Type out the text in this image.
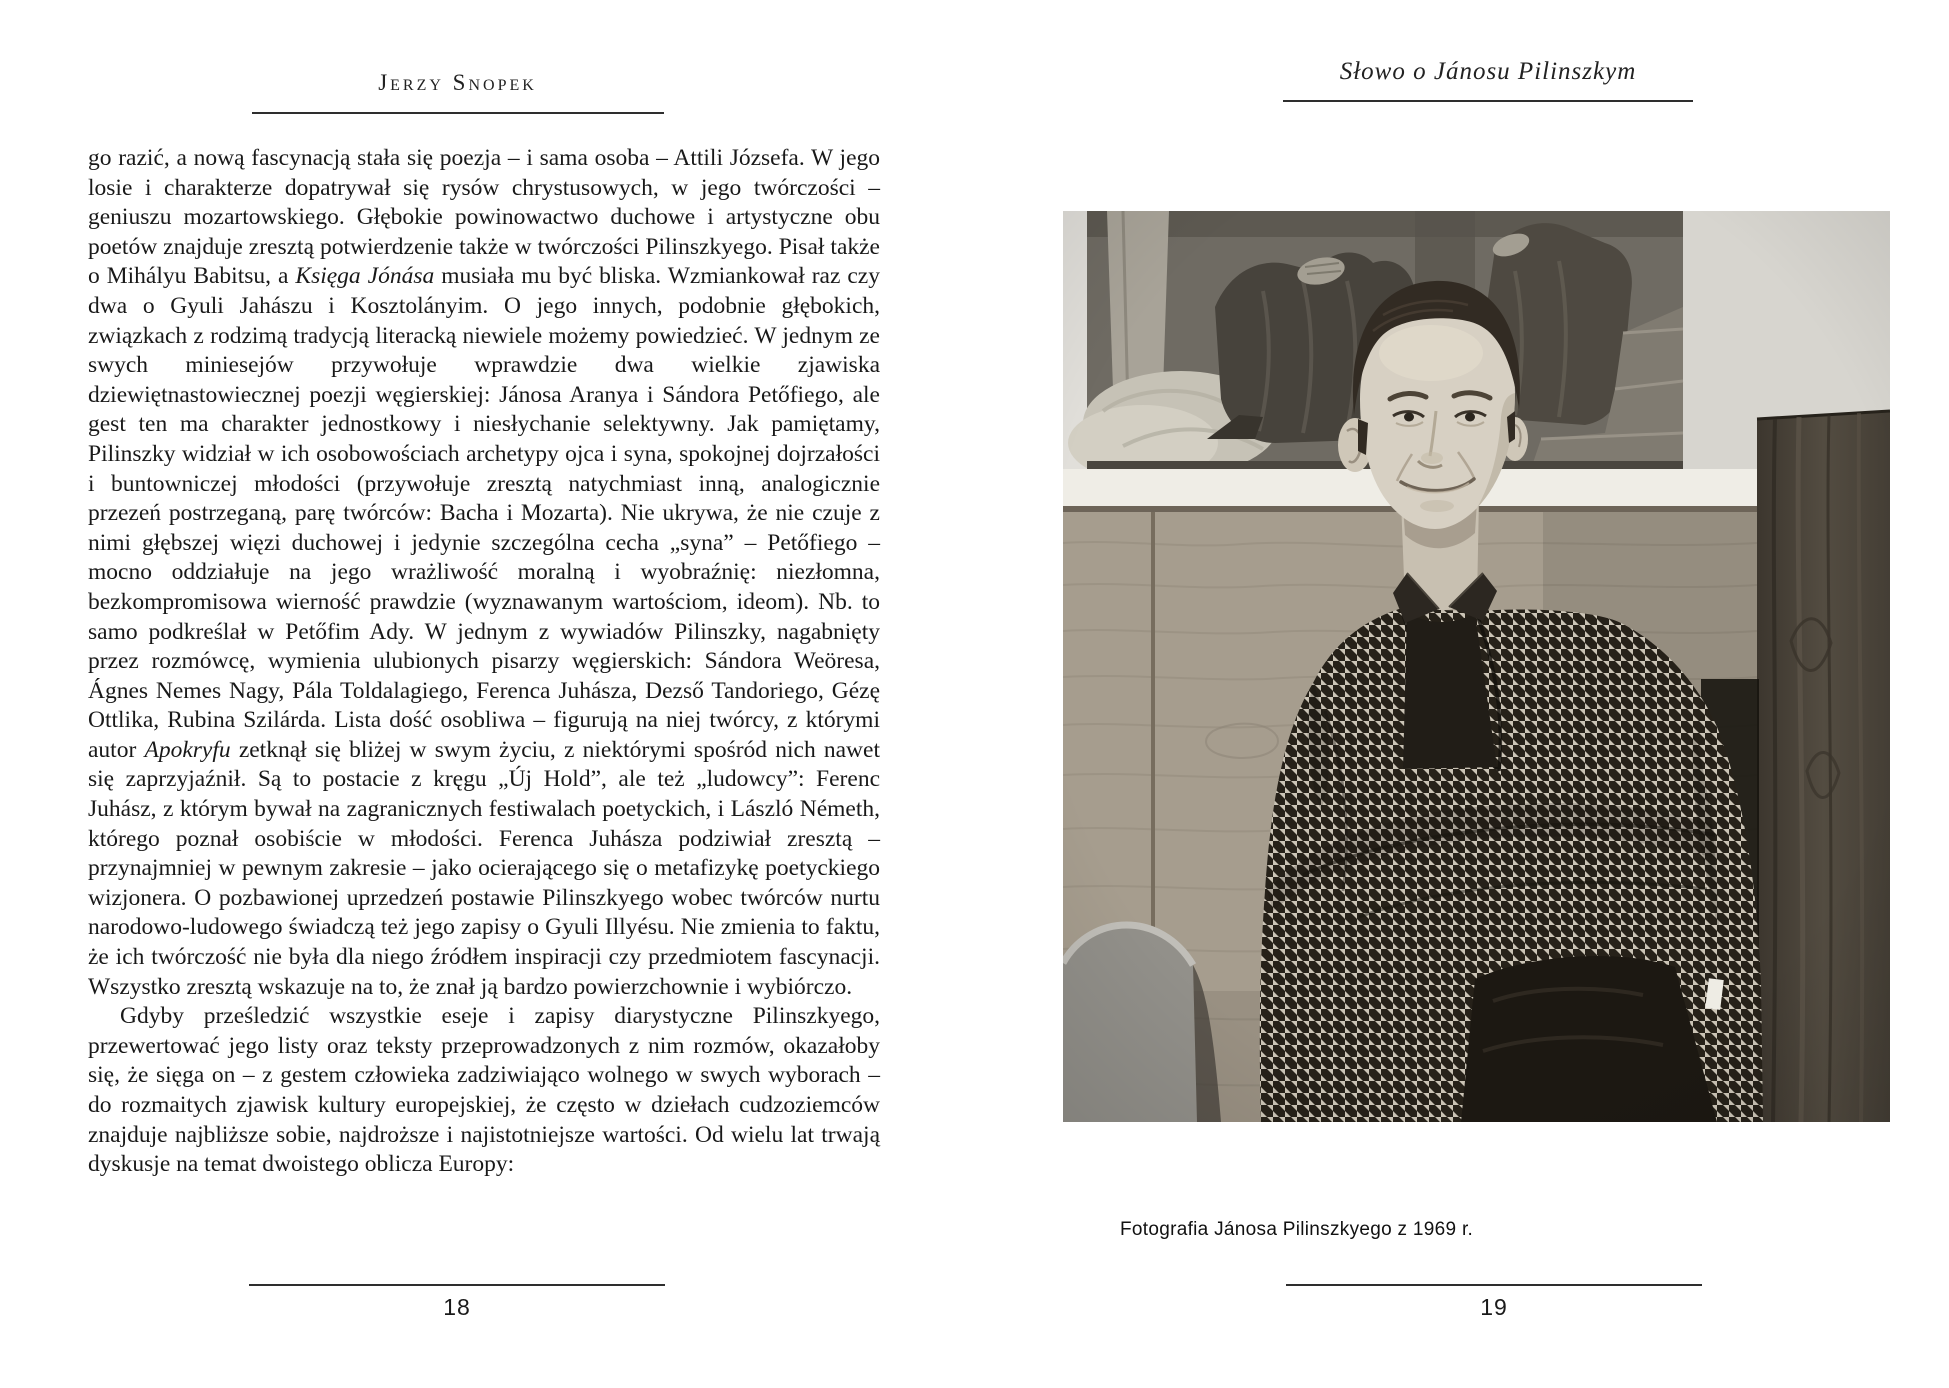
Jerzy Snopek

go razić, a nową fascynacją stała się poezja – i sama osoba – Attili Józsefa. W jego losie i charakterze dopatrywał się rysów chrystusowych, w jego twórczości – geniuszu mozartowskiego. Głębokie powinowactwo duchowe i artystyczne obu poetów znajduje zresztą potwierdzenie także w twórczości Pilinszkyego. Pisał także o Mihályu Babitsu, a Księga Jónása musiała mu być bliska. Wzmiankował raz czy dwa o Gyuli Jahászu i Kosztolányim. O jego innych, podobnie głębokich, związkach z rodzimą tradycją literacką niewiele możemy powiedzieć. W jednym ze swych miniesejów przywołuje wprawdzie dwa wielkie zjawiska dziewiętnastowiecznej poezji węgierskiej: Jánosa Aranya i Sándora Petőfiego, ale gest ten ma charakter jednostkowy i niesłychanie selektywny. Jak pamiętamy, Pilinszky widział w ich osobowościach archetypy ojca i syna, spokojnej dojrzałości i buntowniczej młodości (przywołuje zresztą natychmiast inną, analogicznie przezeń postrzeganą, parę twórców: Bacha i Mozarta). Nie ukrywa, że nie czuje z nimi głębszej więzi duchowej i jedynie szczególna cecha „syna” – Petőfiego – mocno oddziałuje na jego wrażliwość moralną i wyobraźnię: niezłomna, bezkompromisowa wierność prawdzie (wyznawanym wartościom, ideom). Nb. to samo podkreślał w Petőfim Ady. W jednym z wywiadów Pilinszky, nagabnięty przez rozmówcę, wymienia ulubionych pisarzy węgierskich: Sándora Weöresa, Ágnes Nemes Nagy, Pála Toldalagiego, Ferenca Juhásza, Dezső Tandoriego, Gézę Ottlika, Rubina Szilárda. Lista dość osobliwa – figurują na niej twórcy, z którymi autor Apokryfu zetknął się bliżej w swym życiu, z niektórymi spośród nich nawet się zaprzyjaźnił. Są to postacie z kręgu „Új Hold”, ale też „ludowcy”: Ferenc Juhász, z którym bywał na zagranicznych festiwalach poetyckich, i László Németh, którego poznał osobiście w młodości. Ferenca Juhásza podziwiał zresztą – przynajmniej w pewnym zakresie – jako ocierającego się o metafizykę poetyckiego wizjonera. O pozbawionej uprzedzeń postawie Pilinszkyego wobec twórców nurtu narodowo-ludowego świadczą też jego zapisy o Gyuli Illyésu. Nie zmienia to faktu, że ich twórczość nie była dla niego źródłem inspiracji czy przedmiotem fascynacji. Wszystko zresztą wskazuje na to, że znał ją bardzo powierzchownie i wybiórczo.

Gdyby prześledzić wszystkie eseje i zapisy diarystyczne Pilinszkyego, przewertować jego listy oraz teksty przeprowadzonych z nim rozmów, okazałoby się, że sięga on – z gestem człowieka zadziwiająco wolnego w swych wyborach – do rozmaitych zjawisk kultury europejskiej, że często w dziełach cudzoziemców znajduje najbliższe sobie, najdroższe i najistotniejsze wartości. Od wielu lat trwają dyskusje na temat dwoistego oblicza Europy:

18
Słowo o Jánosu Pilinszkym
Fotografia Jánosa Pilinszkyego z 1969 r.
19
